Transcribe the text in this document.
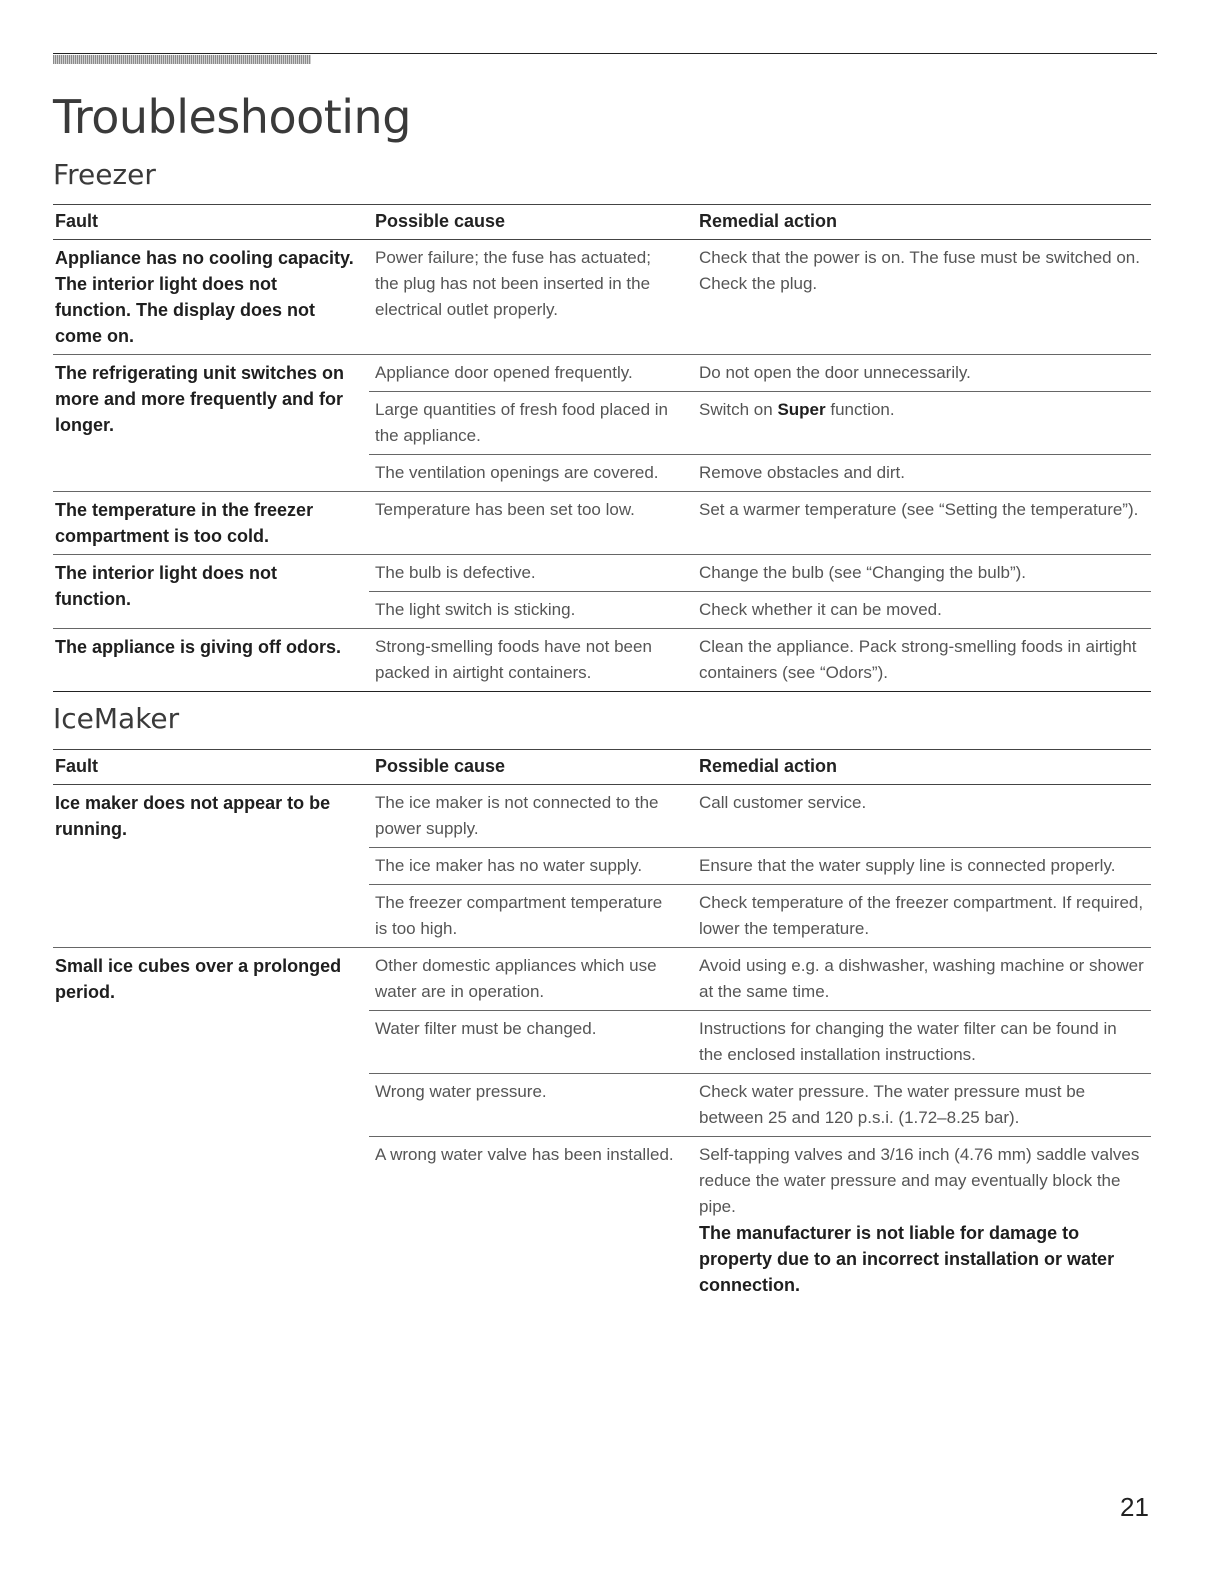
Troubleshooting
Freezer
Fault	Possible cause	Remedial action
Appliance has no cooling capacity. The interior light does not function. The display does not come on.	Power failure; the fuse has actuated; the plug has not been inserted in the electrical outlet properly.	Check that the power is on. The fuse must be switched on. Check the plug.
The refrigerating unit switches on more and more frequently and for longer.	Appliance door opened frequently.	Do not open the door unnecessarily.
	Large quantities of fresh food placed in the appliance.	Switch on Super function.
	The ventilation openings are covered.	Remove obstacles and dirt.
The temperature in the freezer compartment is too cold.	Temperature has been set too low.	Set a warmer temperature (see “Setting the temperature”).
The interior light does not function.	The bulb is defective.	Change the bulb (see “Changing the bulb”).
	The light switch is sticking.	Check whether it can be moved.
The appliance is giving off odors.	Strong-smelling foods have not been packed in airtight containers.	Clean the appliance. Pack strong-smelling foods in airtight containers (see “Odors”).
IceMaker
Fault	Possible cause	Remedial action
Ice maker does not appear to be running.	The ice maker is not connected to the power supply.	Call customer service.
	The ice maker has no water supply.	Ensure that the water supply line is connected properly.
	The freezer compartment temperature is too high.	Check temperature of the freezer compartment. If required, lower the temperature.
Small ice cubes over a prolonged period.	Other domestic appliances which use water are in operation.	Avoid using e.g. a dishwasher, washing machine or shower at the same time.
	Water filter must be changed.	Instructions for changing the water filter can be found in the enclosed installation instructions.
	Wrong water pressure.	Check water pressure. The water pressure must be between 25 and 120 p.s.i. (1.72–8.25 bar).
	A wrong water valve has been installed.	Self-tapping valves and 3/16 inch (4.76 mm) saddle valves reduce the water pressure and may eventually block the pipe.
The manufacturer is not liable for damage to property due to an incorrect installation or water connection.
21
